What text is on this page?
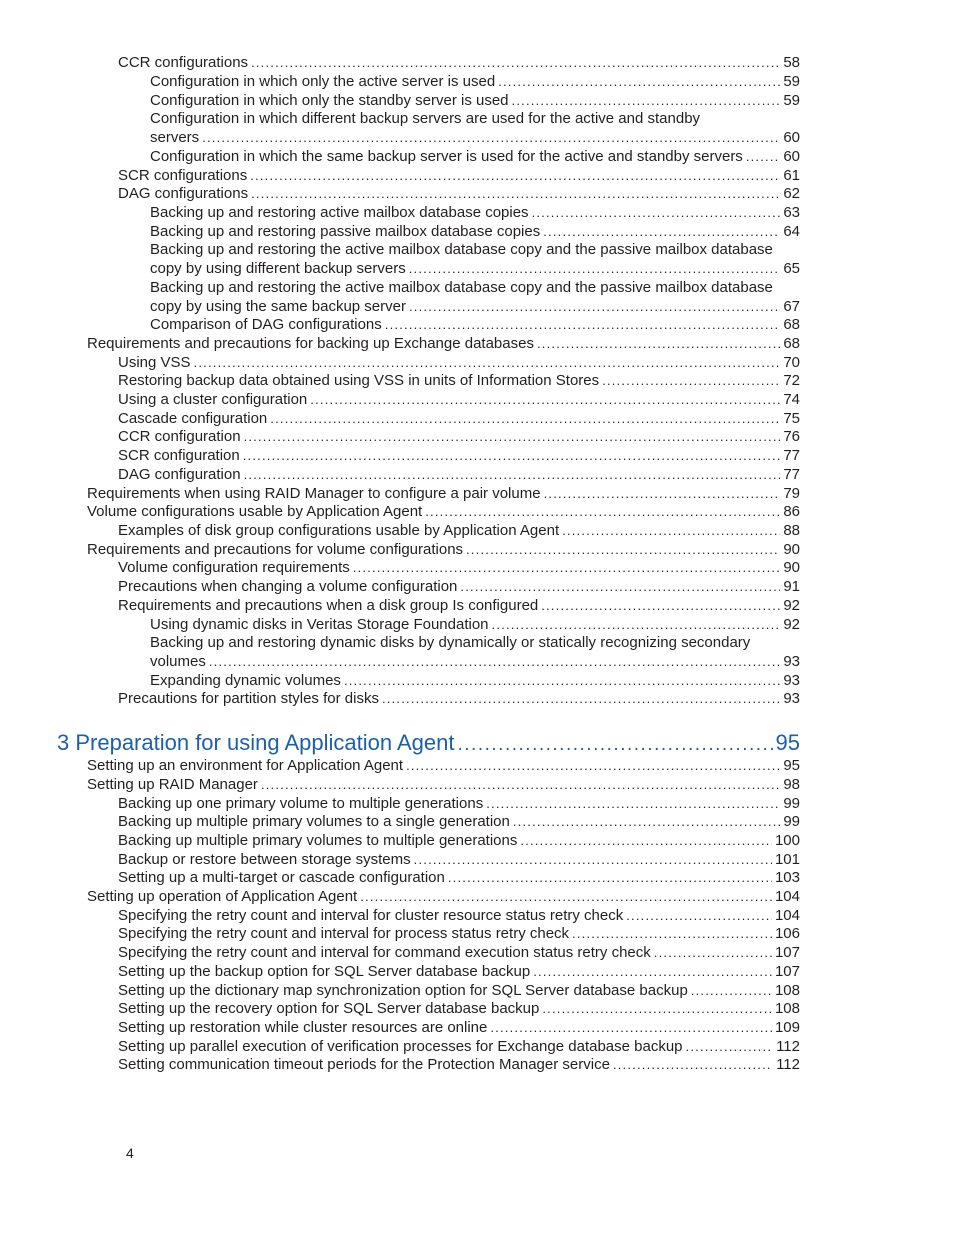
CCR configurations .....	58
Configuration in which only the active server is used .....	59
Configuration in which only the standby server is used .....	59
Configuration in which different backup servers are used for the active and standby
servers .....	60
Configuration in which the same backup server is used for the active and standby servers .....	60
SCR configurations .....	61
DAG configurations .....	62
Backing up and restoring active mailbox database copies .....	63
Backing up and restoring passive mailbox database copies .....	64
Backing up and restoring the active mailbox database copy and the passive mailbox database
copy by using different backup servers .....	65
Backing up and restoring the active mailbox database copy and the passive mailbox database
copy by using the same backup server .....	67
Comparison of DAG configurations .....	68
Requirements and precautions for backing up Exchange databases .....	68
Using VSS .....	70
Restoring backup data obtained using VSS in units of Information Stores .....	72
Using a cluster configuration .....	74
Cascade configuration .....	75
CCR configuration .....	76
SCR configuration .....	77
DAG configuration .....	77
Requirements when using RAID Manager to configure a pair volume .....	79
Volume configurations usable by Application Agent .....	86
Examples of disk group configurations usable by Application Agent .....	88
Requirements and precautions for volume configurations .....	90
Volume configuration requirements .....	90
Precautions when changing a volume configuration .....	91
Requirements and precautions when a disk group Is configured .....	92
Using dynamic disks in Veritas Storage Foundation .....	92
Backing up and restoring dynamic disks by dynamically or statically recognizing secondary
volumes .....	93
Expanding dynamic volumes .....	93
Precautions for partition styles for disks .....	93
3 Preparation for using Application Agent .....	95
Setting up an environment for Application Agent .....	95
Setting up RAID Manager .....	98
Backing up one primary volume to multiple generations .....	99
Backing up multiple primary volumes to a single generation .....	99
Backing up multiple primary volumes to multiple generations .....	100
Backup or restore between storage systems .....	101
Setting up a multi-target or cascade configuration .....	103
Setting up operation of Application Agent .....	104
Specifying the retry count and interval for cluster resource status retry check .....	104
Specifying the retry count and interval for process status retry check .....	106
Specifying the retry count and interval for command execution status retry check .....	107
Setting up the backup option for SQL Server database backup .....	107
Setting up the dictionary map synchronization option for SQL Server database backup .....	108
Setting up the recovery option for SQL Server database backup .....	108
Setting up restoration while cluster resources are online .....	109
Setting up parallel execution of verification processes for Exchange database backup .....	112
Setting communication timeout periods for the Protection Manager service .....	112
4
